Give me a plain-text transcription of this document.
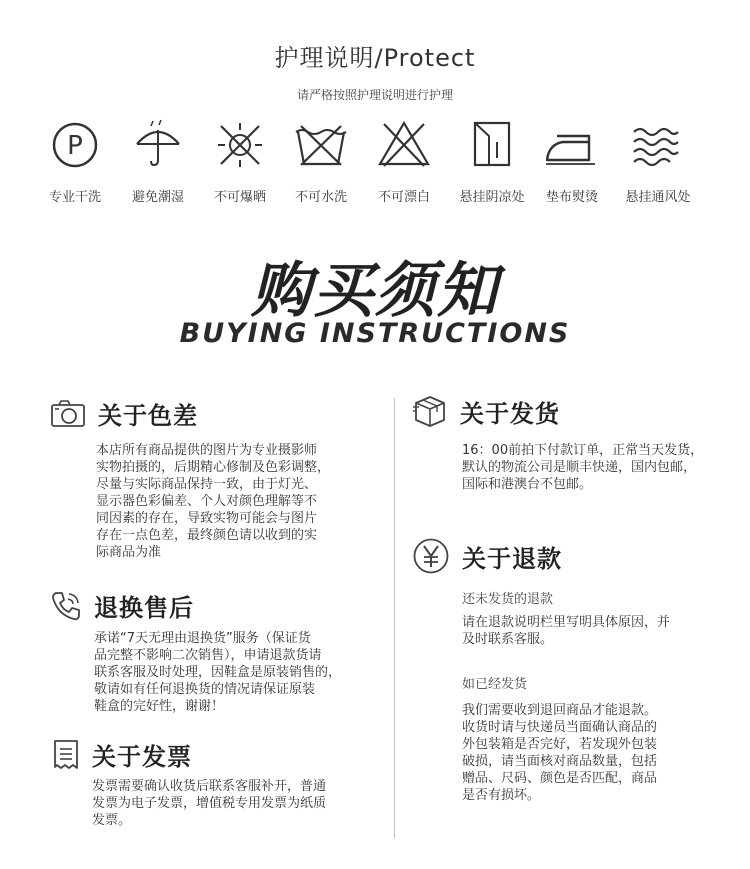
护理说明/Protect
请严格按照护理说明进行护理
P
专业干洗	避免潮湿	不可爆晒	不可水洗	不可漂白	悬挂阴凉处	垫布熨烫	悬挂通风处
购买须知
BUYING INSTRUCTIONS
关于色差

本店所有商品提供的图片为专业摄影师

实物拍摄的，后期精心修制及色彩调整，

尽量与实际商品保持一致，由于灯光、

显示器色彩偏差、个人对颜色理解等不

同因素的存在，导致实物可能会与图片

存在一点色差，最终颜色请以收到的实

际商品为准

退换售后

承诺“7天无理由退换货”服务（保证货

品完整不影响二次销售），申请退款货请

联系客服及时处理，因鞋盒是原装销售的，

敬请如有任何退换货的情况请保证原装

鞋盒的完好性，谢谢！

关于发票

发票需要确认收货后联系客服补开，普通

发票为电子发票，增值税专用发票为纸质

发票。

关于发货

16：00前拍下付款订单，正常当天发货，

默认的物流公司是顺丰快递，国内包邮，

国际和港澳台不包邮。

关于退款
还未发货的退款

请在退款说明栏里写明具体原因，并

及时联系客服。

如已经发货

我们需要收到退回商品才能退款。

收货时请与快递员当面确认商品的

外包装箱是否完好，若发现外包装

破损，请当面核对商品数量，包括

赠品、尺码、颜色是否匹配，商品

是否有损坏。
